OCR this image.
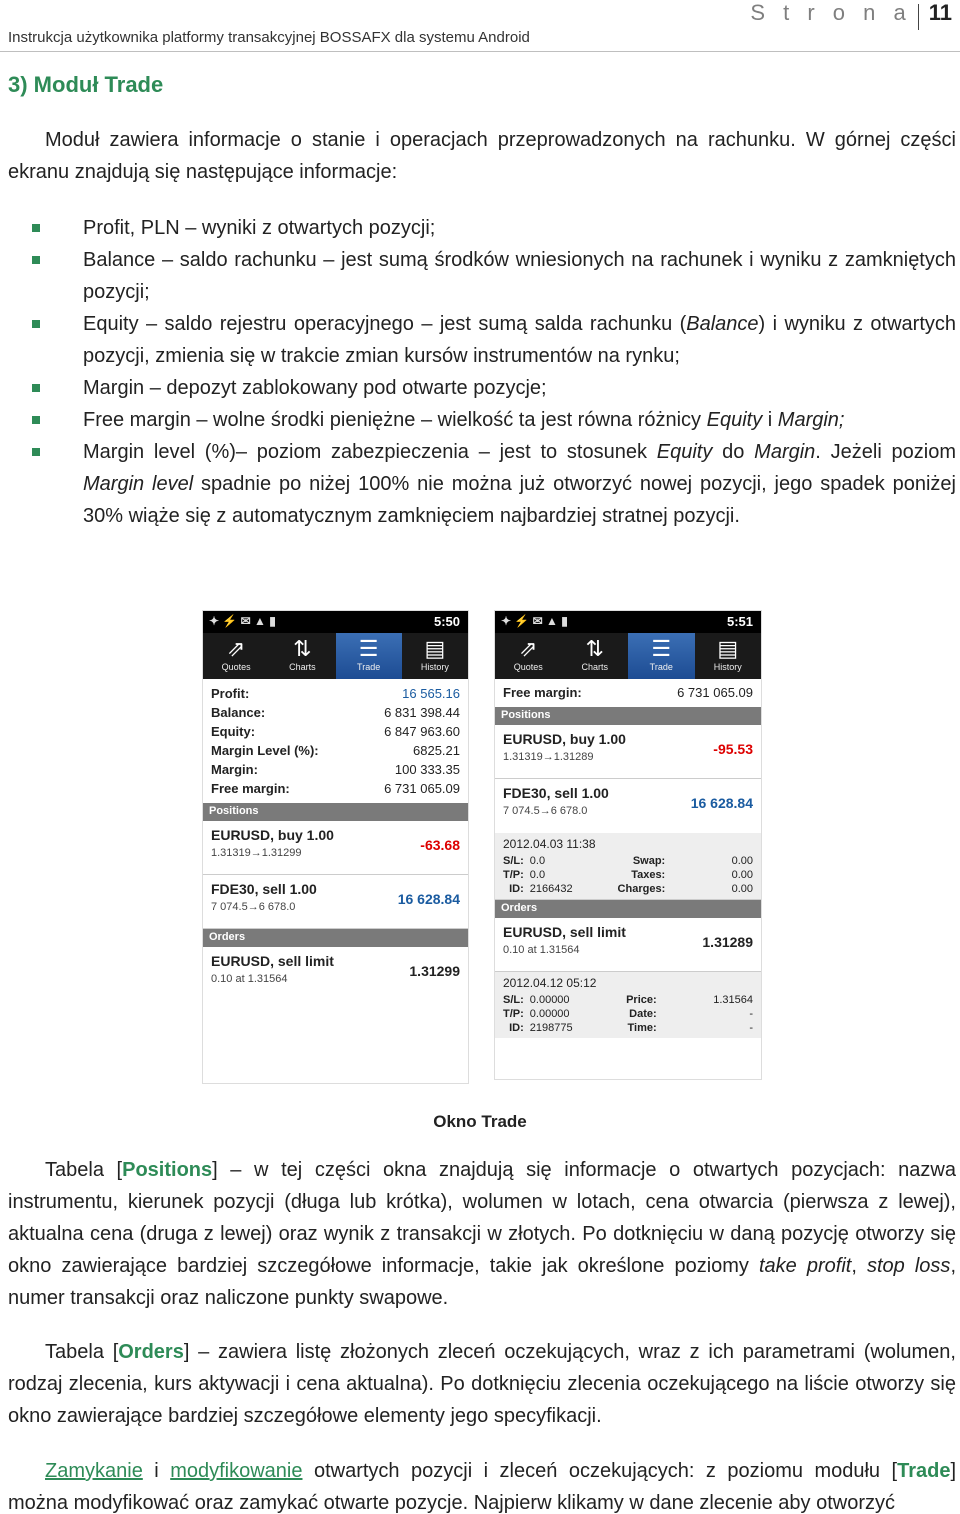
S t r o n a 11
Instrukcja użytkownika platformy transakcyjnej BOSSAFX dla systemu Android
3) Moduł Trade
Moduł zawiera informacje o stanie i operacjach przeprowadzonych na rachunku. W górnej części ekranu znajdują się następujące informacje:
Profit, PLN – wyniki z otwartych pozycji;
Balance – saldo rachunku – jest sumą środków wniesionych na rachunek i wyniku z zamkniętych pozycji;
Equity – saldo rejestru operacyjnego – jest sumą salda rachunku (Balance) i wyniku z otwartych pozycji, zmienia się w trakcie zmian kursów instrumentów na rynku;
Margin – depozyt zablokowany pod otwarte pozycje;
Free margin – wolne środki pieniężne – wielkość ta jest równa różnicy Equity i Margin;
Margin level (%)– poziom zabezpieczenia – jest to stosunek Equity do Margin. Jeżeli poziom Margin level spadnie po niżej 100% nie można już otworzyć nowej pozycji, jego spadek poniżej 30% wiąże się z automatycznym zamknięciem najbardziej stratnej pozycji.
✦ ⚡ ✉ ▲ ▮	5:50
⇗
Quotes
⇅
Charts
☰
Trade
▤
History
Profit:	16 565.16
Balance:	6 831 398.44
Equity:	6 847 963.60
Margin Level (%):	6825.21
Margin:	100 333.35
Free margin:	6 731 065.09
Positions
EURUSD, buy 1.00
1.31319→1.31299	-63.68
FDE30, sell 1.00
7 074.5→6 678.0	16 628.84
Orders
EURUSD, sell limit
0.10 at 1.31564	1.31299
✦ ⚡ ✉ ▲ ▮	5:51
⇗
Quotes
⇅
Charts
☰
Trade
▤
History
Free margin:	6 731 065.09
Positions
EURUSD, buy 1.00
1.31319→1.31289	-95.53
FDE30, sell 1.00
7 074.5→6 678.0	16 628.84
2012.04.03 11:38
S/L: 0.0	Swap:	0.00
T/P: 0.0	Taxes:	0.00
ID: 2166432	Charges:	0.00
Orders
EURUSD, sell limit
0.10 at 1.31564	1.31289
2012.04.12 05:12
S/L: 0.00000	Price:	1.31564
T/P: 0.00000	Date:	-
ID: 2198775	Time:	-
Okno Trade
Tabela [Positions] – w tej części okna znajdują się informacje o otwartych pozycjach: nazwa instrumentu, kierunek pozycji (długa lub krótka), wolumen w lotach, cena otwarcia (pierwsza z lewej), aktualna cena (druga z lewej) oraz wynik z transakcji w złotych. Po dotknięciu w daną pozycję otworzy się okno zawierające bardziej szczegółowe informacje, takie jak określone poziomy take profit, stop loss, numer transakcji oraz naliczone punkty swapowe.
Tabela [Orders] – zawiera listę złożonych zleceń oczekujących, wraz z ich parametrami (wolumen, rodzaj zlecenia, kurs aktywacji i cena aktualna). Po dotknięciu zlecenia oczekującego na liście otworzy się okno zawierające bardziej szczegółowe elementy jego specyfikacji.
Zamykanie i modyfikowanie otwartych pozycji i zleceń oczekujących: z poziomu modułu [Trade] można modyfikować oraz zamykać otwarte pozycje. Najpierw klikamy w dane zlecenie aby otworzyć
